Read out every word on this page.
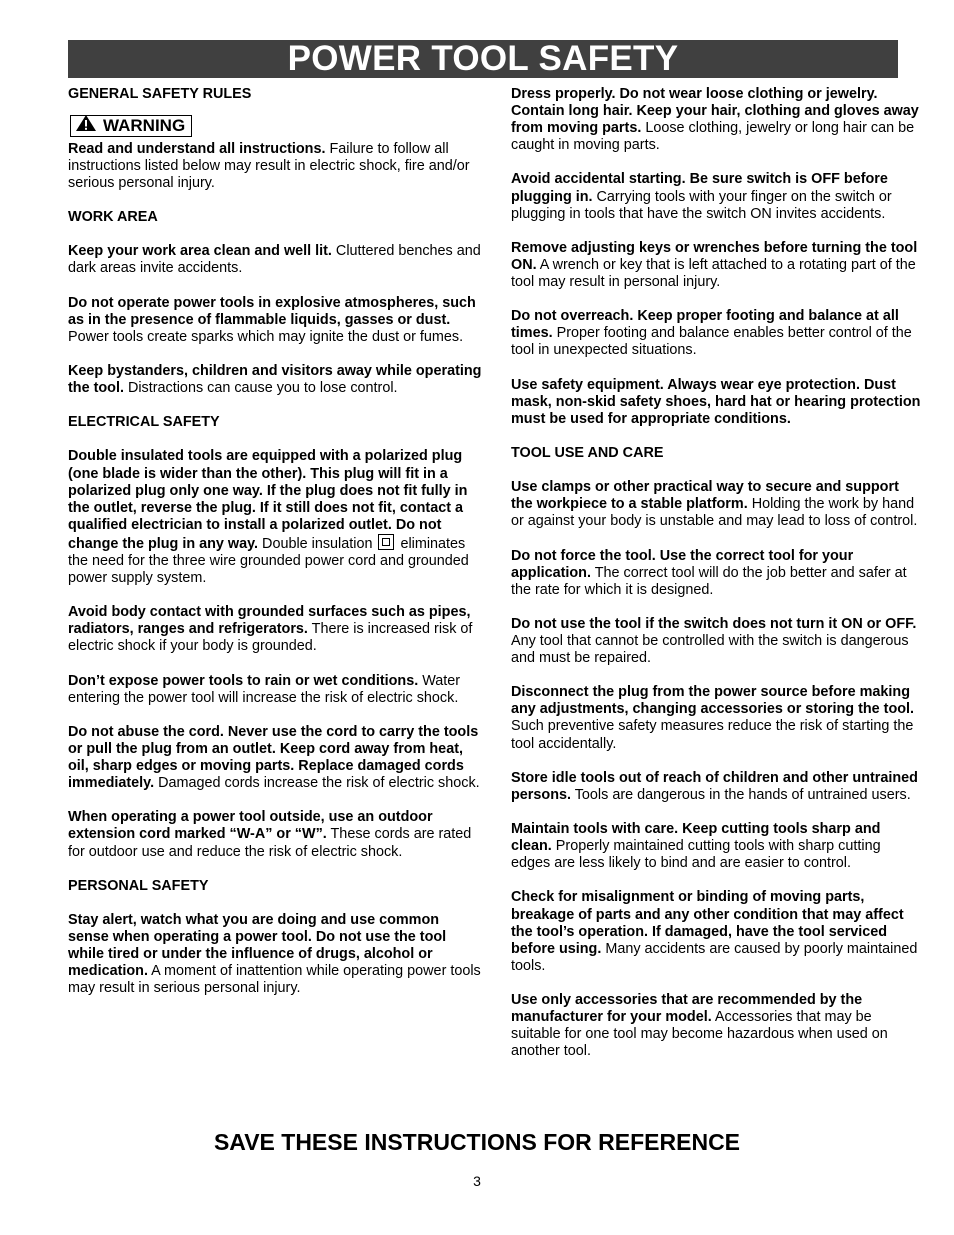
POWER TOOL SAFETY
GENERAL SAFETY RULES
WARNING
Read and understand all instructions. Failure to follow all instructions listed below may result in electric shock, fire and/or serious personal injury.
WORK AREA
Keep your work area clean and well lit. Cluttered benches and dark areas invite accidents.
Do not operate power tools in explosive atmospheres, such as in the presence of flammable liquids, gasses or dust. Power tools create sparks which may ignite the dust or fumes.
Keep bystanders, children and visitors away while operating the tool. Distractions can cause you to lose control.
ELECTRICAL SAFETY
Double insulated tools are equipped with a polarized plug (one blade is wider than the other). This plug will fit in a polarized plug only one way. If the plug does not fit fully in the outlet, reverse the plug. If it still does not fit, contact a qualified electrician to install a polarized outlet. Do not change the plug in any way. Double insulation eliminates the need for the three wire grounded power cord and grounded power supply system.
Avoid body contact with grounded surfaces such as pipes, radiators, ranges and refrigerators. There is increased risk of electric shock if your body is grounded.
Don’t expose power tools to rain or wet conditions. Water entering the power tool will increase the risk of electric shock.
Do not abuse the cord. Never use the cord to carry the tools or pull the plug from an outlet. Keep cord away from heat, oil, sharp edges or moving parts. Replace damaged cords immediately. Damaged cords increase the risk of electric shock.
When operating a power tool outside, use an outdoor extension cord marked “W-A” or “W”. These cords are rated for outdoor use and reduce the risk of electric shock.
PERSONAL SAFETY
Stay alert, watch what you are doing and use common sense when operating a power tool. Do not use the tool while tired or under the influence of drugs, alcohol or medication. A moment of inattention while operating power tools may result in serious personal injury.
Dress properly. Do not wear loose clothing or jewelry. Contain long hair. Keep your hair, clothing and gloves away from moving parts. Loose clothing, jewelry or long hair can be caught in moving parts.
Avoid accidental starting. Be sure switch is OFF before plugging in. Carrying tools with your finger on the switch or plugging in tools that have the switch ON invites accidents.
Remove adjusting keys or wrenches before turning the tool ON. A wrench or key that is left attached to a rotating part of the tool may result in personal injury.
Do not overreach. Keep proper footing and balance at all times. Proper footing and balance enables better control of the tool in unexpected situations.
Use safety equipment. Always wear eye protection. Dust mask, non-skid safety shoes, hard hat or hearing protection must be used for appropriate conditions.
TOOL USE AND CARE
Use clamps or other practical way to secure and support the workpiece to a stable platform. Holding the work by hand or against your body is unstable and may lead to loss of control.
Do not force the tool. Use the correct tool for your application. The correct tool will do the job better and safer at the rate for which it is designed.
Do not use the tool if the switch does not turn it ON or OFF. Any tool that cannot be controlled with the switch is dangerous and must be repaired.
Disconnect the plug from the power source before making any adjustments, changing accessories or storing the tool. Such preventive safety measures reduce the risk of starting the tool accidentally.
Store idle tools out of reach of children and other untrained persons. Tools are dangerous in the hands of untrained users.
Maintain tools with care. Keep cutting tools sharp and clean. Properly maintained cutting tools with sharp cutting edges are less likely to bind and are easier to control.
Check for misalignment or binding of moving parts, breakage of parts and any other condition that may affect the tool’s operation. If damaged, have the tool serviced before using. Many accidents are caused by poorly maintained tools.
Use only accessories that are recommended by the manufacturer for your model. Accessories that may be suitable for one tool may become hazardous when used on another tool.
SAVE THESE INSTRUCTIONS FOR REFERENCE
3
